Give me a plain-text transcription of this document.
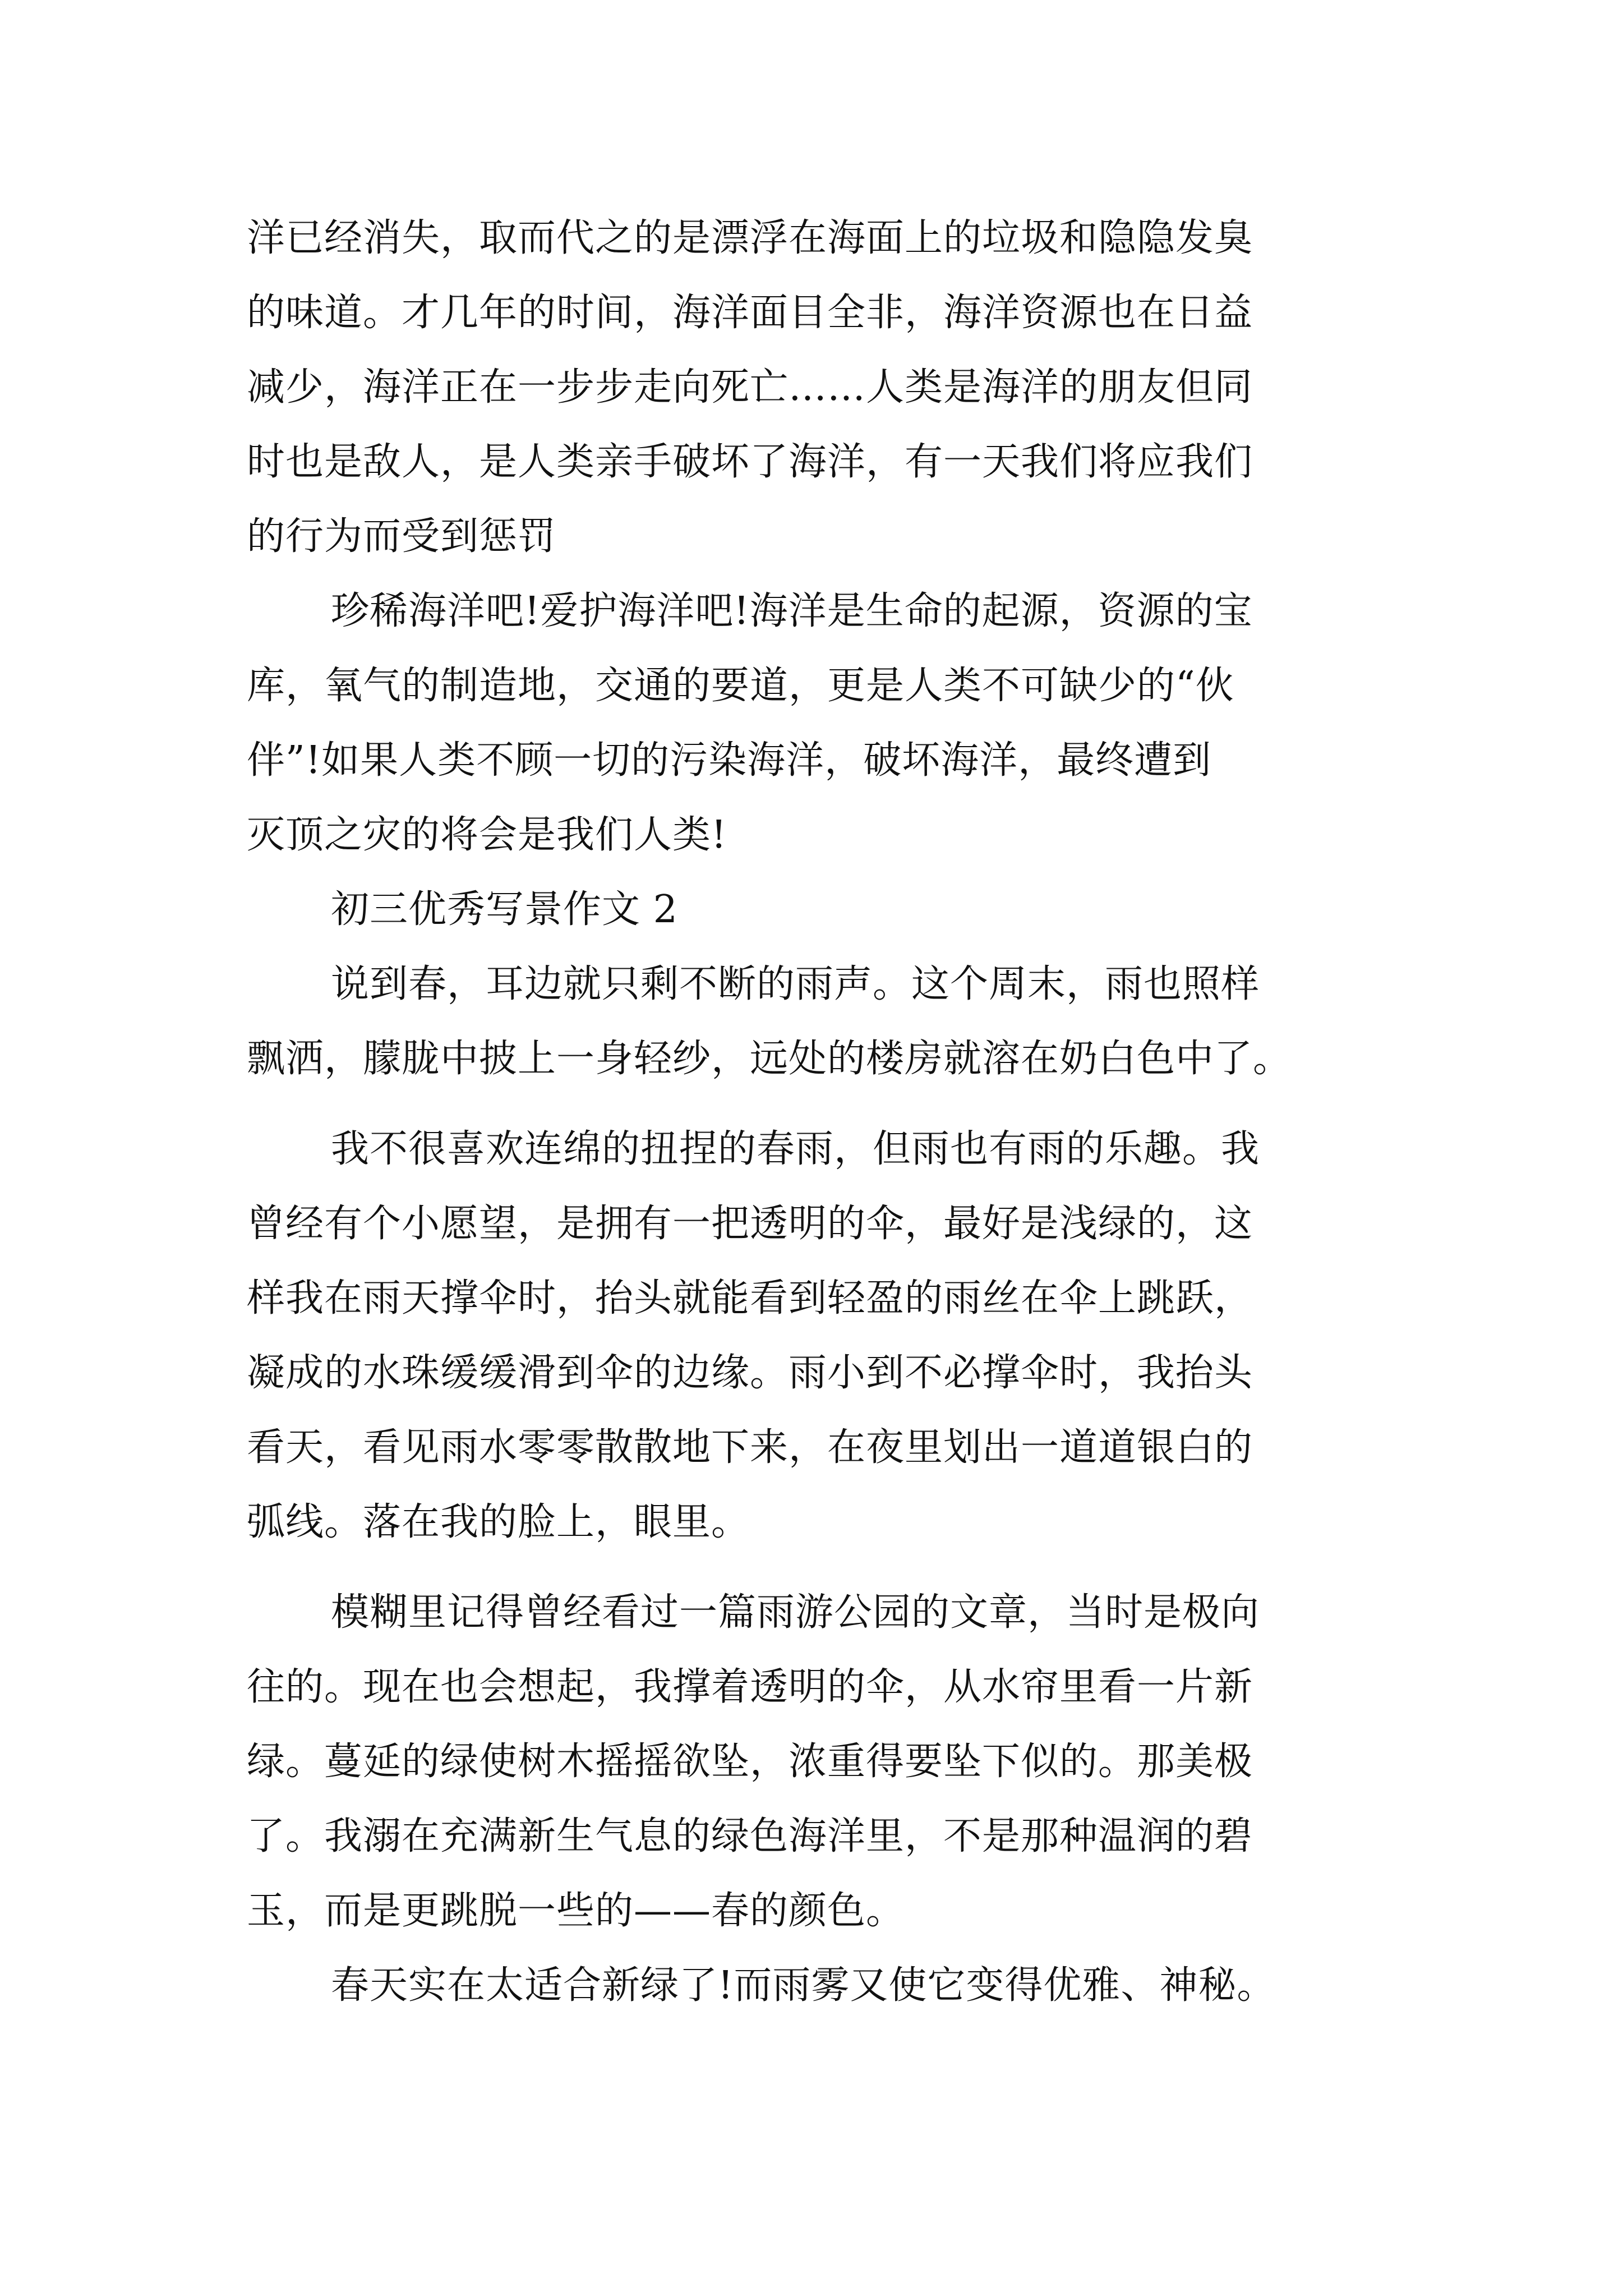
洋已经消失，取而代之的是漂浮在海面上的垃圾和隐隐发臭
的味道。才几年的时间，海洋面目全非，海洋资源也在日益
减少，海洋正在一步步走向死亡……人类是海洋的朋友但同
时也是敌人，是人类亲手破坏了海洋，有一天我们将应我们
的行为而受到惩罚
珍稀海洋吧!爱护海洋吧!海洋是生命的起源，资源的宝
库，氧气的制造地，交通的要道，更是人类不可缺少的“伙
伴”!如果人类不顾一切的污染海洋，破坏海洋，最终遭到
灭顶之灾的将会是我们人类!
初三优秀写景作文 2
说到春，耳边就只剩不断的雨声。这个周末，雨也照样
飘洒，朦胧中披上一身轻纱，远处的楼房就溶在奶白色中了。
我不很喜欢连绵的扭捏的春雨，但雨也有雨的乐趣。我
曾经有个小愿望，是拥有一把透明的伞，最好是浅绿的，这
样我在雨天撑伞时，抬头就能看到轻盈的雨丝在伞上跳跃，
凝成的水珠缓缓滑到伞的边缘。雨小到不必撑伞时，我抬头
看天，看见雨水零零散散地下来，在夜里划出一道道银白的
弧线。落在我的脸上，眼里。
模糊里记得曾经看过一篇雨游公园的文章，当时是极向
往的。现在也会想起，我撑着透明的伞，从水帘里看一片新
绿。蔓延的绿使树木摇摇欲坠，浓重得要坠下似的。那美极
了。我溺在充满新生气息的绿色海洋里，不是那种温润的碧
玉，而是更跳脱一些的——春的颜色。
春天实在太适合新绿了!而雨雾又使它变得优雅、神秘。
